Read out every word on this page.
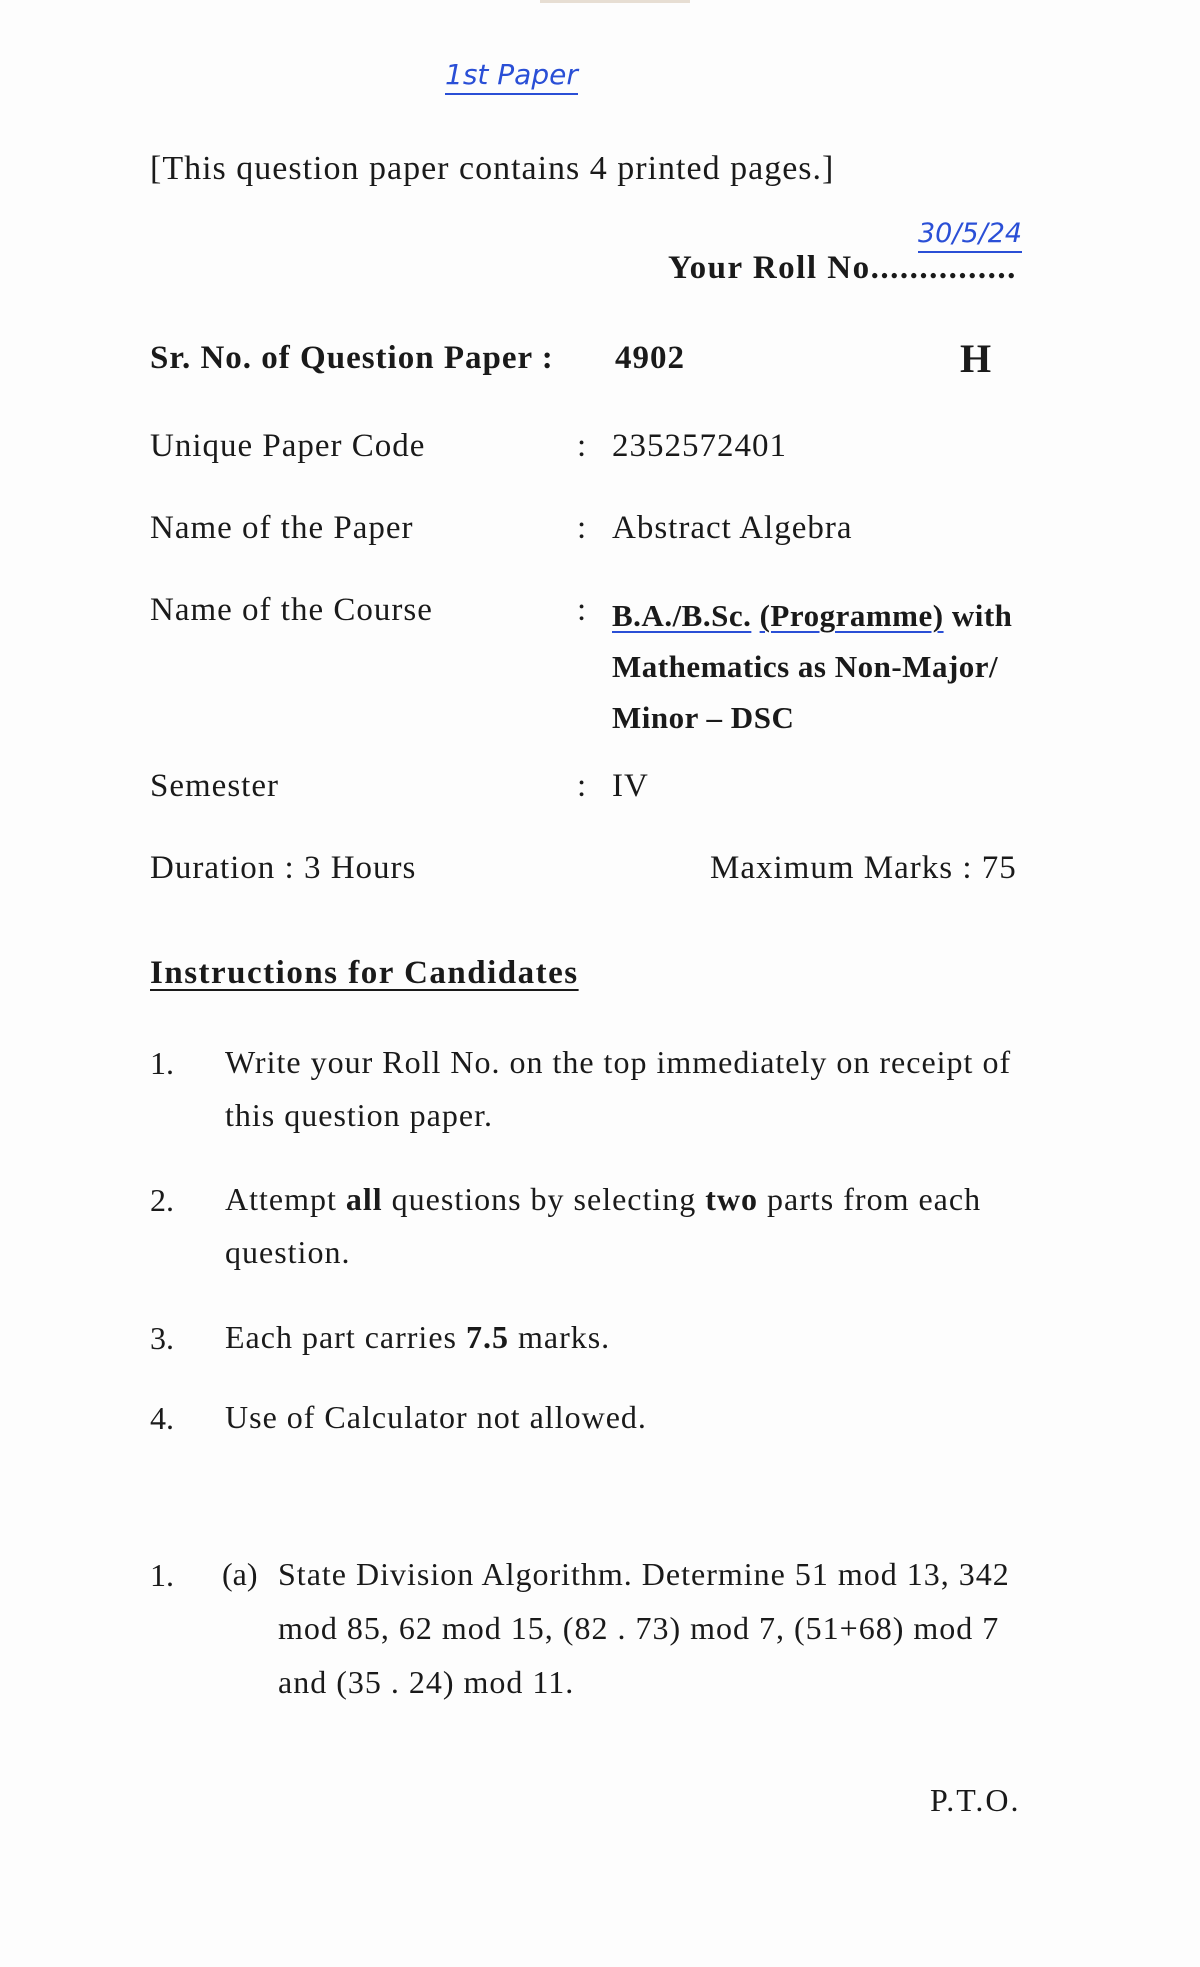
1st Paper
[This question paper contains 4 printed pages.]
30/5/24
Your Roll No...............
Sr. No. of Question Paper : 4902	H
Unique Paper Code	: 2352572401
Name of the Paper	: Abstract Algebra
Name of the Course	: B.A./B.Sc. (Programme) with Mathematics as Non-Major/ Minor – DSC
Semester	: IV
Duration : 3 Hours	Maximum Marks : 75
Instructions for Candidates
1. Write your Roll No. on the top immediately on receipt of this question paper.
2. Attempt all questions by selecting two parts from each question.
3. Each part carries 7.5 marks.
4. Use of Calculator not allowed.
1. (a) State Division Algorithm. Determine 51 mod 13, 342 mod 85, 62 mod 15, (82 . 73) mod 7, (51+68) mod 7 and (35 . 24) mod 11.
P.T.O.
